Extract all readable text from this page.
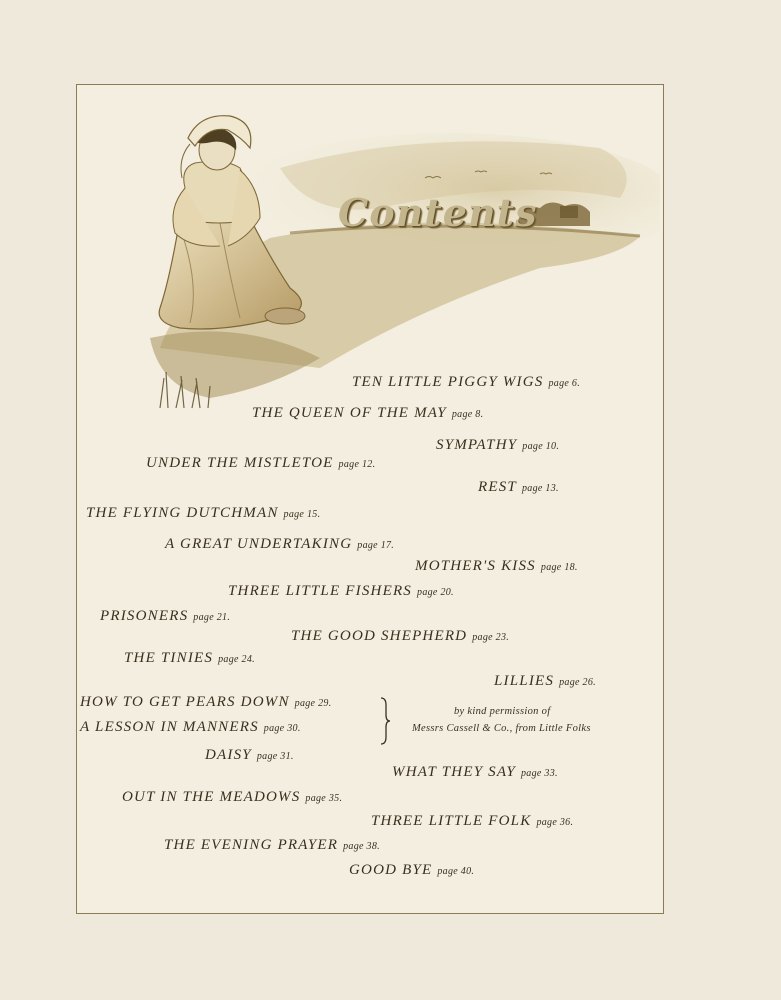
Contents
TEN LITTLE PIGGY WIGS page 6.
THE QUEEN OF THE MAY page 8.
SYMPATHY page 10.
UNDER THE MISTLETOE page 12.
REST page 13.
THE FLYING DUTCHMAN page 15.
A GREAT UNDERTAKING page 17.
MOTHER'S KISS page 18.
THREE LITTLE FISHERS page 20.
PRISONERS page 21.
THE GOOD SHEPHERD page 23.
THE TINIES page 24.
LILLIES page 26.
HOW TO GET PEARS DOWN page 29.
A LESSON IN MANNERS page 30.
by kind permission of
Messrs Cassell & Co., from Little Folks
DAISY page 31.
WHAT THEY SAY page 33.
OUT IN THE MEADOWS page 35.
THREE LITTLE FOLK page 36.
THE EVENING PRAYER page 38.
GOOD BYE page 40.
